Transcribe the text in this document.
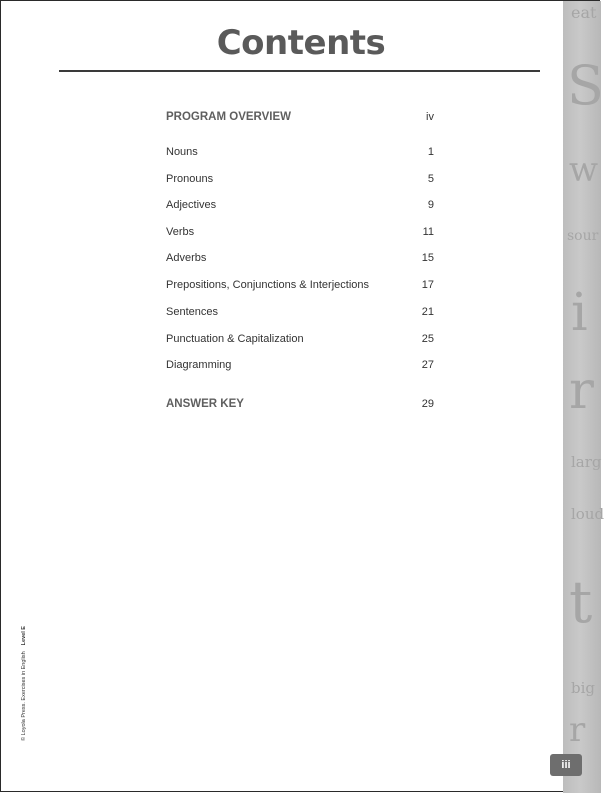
Contents
PROGRAM OVERVIEW	iv
Nouns	1
Pronouns	5
Adjectives	9
Verbs	11
Adverbs	15
Prepositions, Conjunctions & Interjections	17
Sentences	21
Punctuation & Capitalization	25
Diagramming	27
ANSWER KEY	29
eat
S
w
sour
i
r
larg
loud
t
big
r
iii
© Loyola Press. Exercises in EnglishLevel E
